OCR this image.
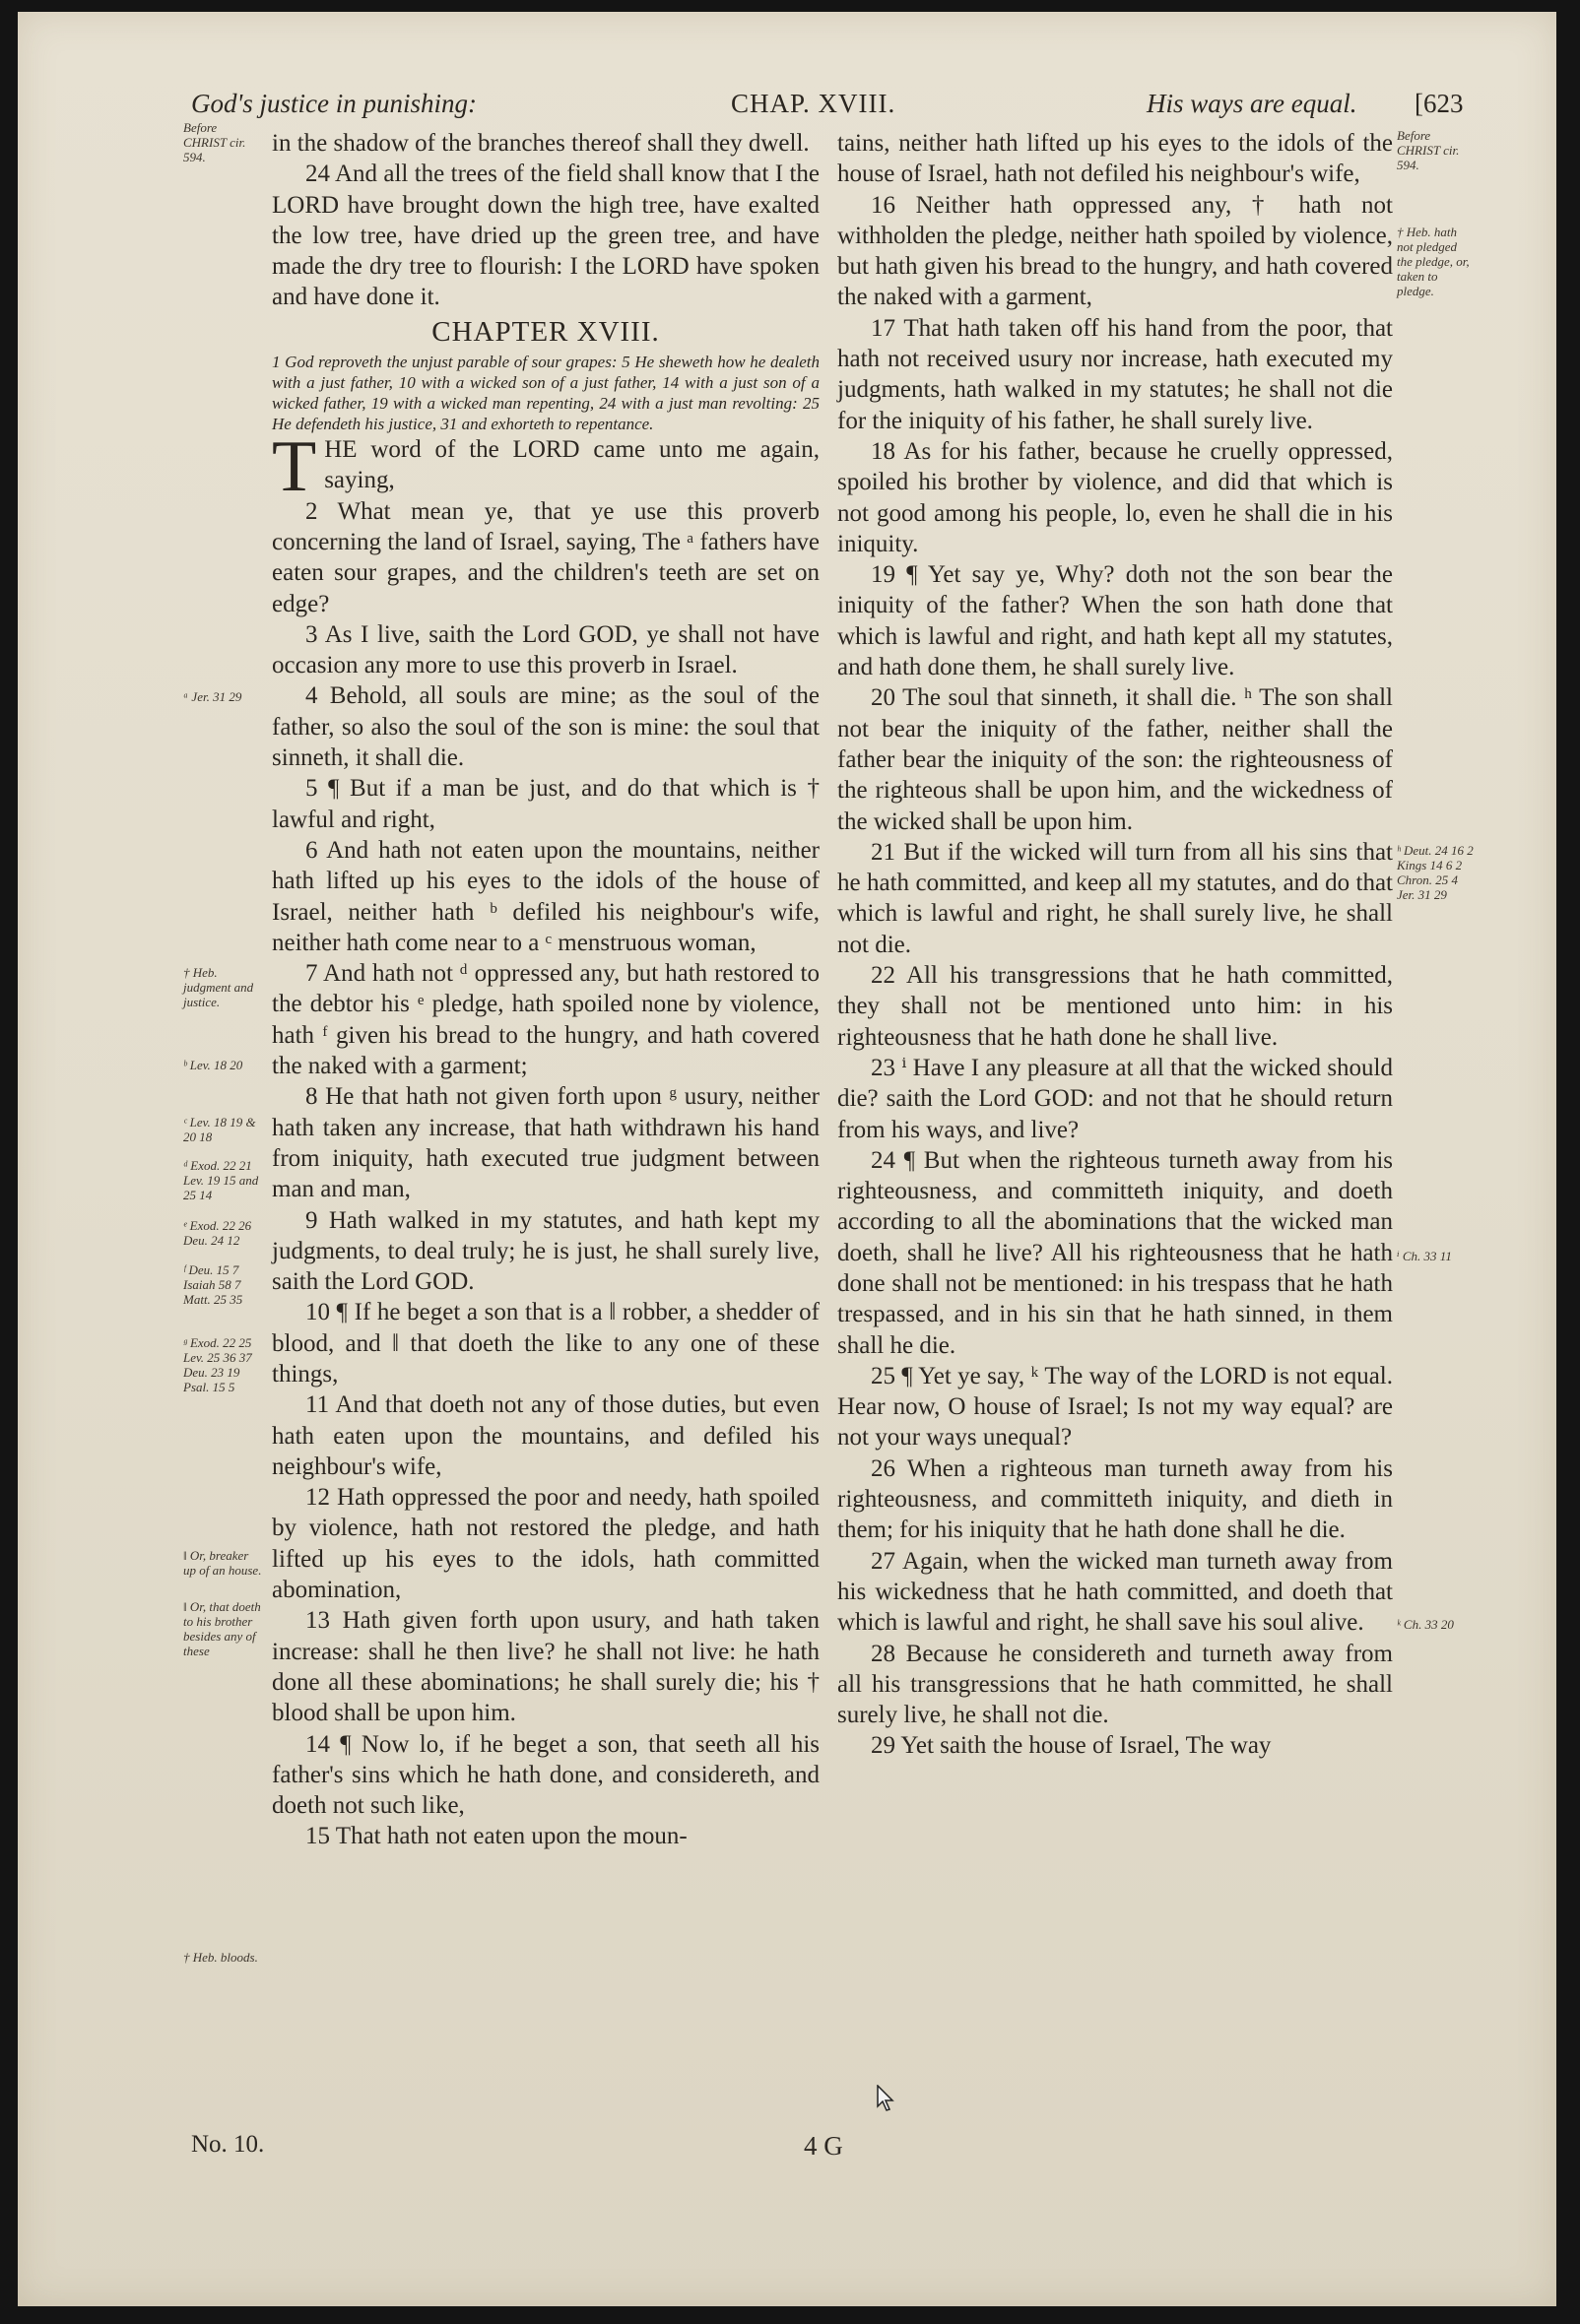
God's justice in punishing:	CHAP. XVIII.	His ways are equal. [623
Before CHRIST cir. 594.
ᵃ Jer. 31 29
† Heb. judgment and justice.
ᵇ Lev. 18 20
ᶜ Lev. 18 19 & 20 18
ᵈ Exod. 22 21 Lev. 19 15 and 25 14
ᵉ Exod. 22 26 Deu. 24 12
ᶠ Deu. 15 7 Isaiah 58 7 Matt. 25 35
ᵍ Exod. 22 25 Lev. 25 36 37 Deu. 23 19 Psal. 15 5
‖ Or, breaker up of an house.
‖ Or, that doeth to his brother besides any of these
† Heb. bloods.
Before CHRIST cir. 594.
† Heb. hath not pledged the pledge, or, taken to pledge.
ʰ Deut. 24 16 2 Kings 14 6 2 Chron. 25 4 Jer. 31 29
ⁱ Ch. 33 11
ᵏ Ch. 33 20

in the shadow of the branches thereof shall they dwell.

24 And all the trees of the field shall know that I the LORD have brought down the high tree, have exalted the low tree, have dried up the green tree, and have made the dry tree to flourish: I the LORD have spoken and have done it.

CHAPTER XVIII.

1 God reproveth the unjust parable of sour grapes: 5 He sheweth how he dealeth with a just father, 10 with a wicked son of a just father, 14 with a just son of a wicked father, 19 with a wicked man repenting, 24 with a just man revolting: 25 He defendeth his justice, 31 and exhorteth to repentance.

T HE word of the LORD came unto me again, saying,

2 What mean ye, that ye use this proverb concerning the land of Israel, saying, The ᵃ fathers have eaten sour grapes, and the children's teeth are set on edge?

3 As I live, saith the Lord GOD, ye shall not have occasion any more to use this proverb in Israel.

4 Behold, all souls are mine; as the soul of the father, so also the soul of the son is mine: the soul that sinneth, it shall die.

5 ¶ But if a man be just, and do that which is † lawful and right,

6 And hath not eaten upon the mountains, neither hath lifted up his eyes to the idols of the house of Israel, neither hath ᵇ defiled his neighbour's wife, neither hath come near to a ᶜ menstruous woman,

7 And hath not ᵈ oppressed any, but hath restored to the debtor his ᵉ pledge, hath spoiled none by violence, hath ᶠ given his bread to the hungry, and hath covered the naked with a garment;

8 He that hath not given forth upon ᵍ usury, neither hath taken any increase, that hath withdrawn his hand from iniquity, hath executed true judgment between man and man,

9 Hath walked in my statutes, and hath kept my judgments, to deal truly; he is just, he shall surely live, saith the Lord GOD.

10 ¶ If he beget a son that is a ‖ robber, a shedder of blood, and ‖ that doeth the like to any one of these things,

11 And that doeth not any of those duties, but even hath eaten upon the mountains, and defiled his neighbour's wife,

12 Hath oppressed the poor and needy, hath spoiled by violence, hath not restored the pledge, and hath lifted up his eyes to the idols, hath committed abomination,

13 Hath given forth upon usury, and hath taken increase: shall he then live? he shall not live: he hath done all these abominations; he shall surely die; his † blood shall be upon him.

14 ¶ Now lo, if he beget a son, that seeth all his father's sins which he hath done, and considereth, and doeth not such like,

15 That hath not eaten upon the moun-

tains, neither hath lifted up his eyes to the idols of the house of Israel, hath not defiled his neighbour's wife,

16 Neither hath oppressed any, † hath not withholden the pledge, neither hath spoiled by violence, but hath given his bread to the hungry, and hath covered the naked with a garment,

17 That hath taken off his hand from the poor, that hath not received usury nor increase, hath executed my judgments, hath walked in my statutes; he shall not die for the iniquity of his father, he shall surely live.

18 As for his father, because he cruelly oppressed, spoiled his brother by violence, and did that which is not good among his people, lo, even he shall die in his iniquity.

19 ¶ Yet say ye, Why? doth not the son bear the iniquity of the father? When the son hath done that which is lawful and right, and hath kept all my statutes, and hath done them, he shall surely live.

20 The soul that sinneth, it shall die. ʰ The son shall not bear the iniquity of the father, neither shall the father bear the iniquity of the son: the righteousness of the righteous shall be upon him, and the wickedness of the wicked shall be upon him.

21 But if the wicked will turn from all his sins that he hath committed, and keep all my statutes, and do that which is lawful and right, he shall surely live, he shall not die.

22 All his transgressions that he hath committed, they shall not be mentioned unto him: in his righteousness that he hath done he shall live.

23 ⁱ Have I any pleasure at all that the wicked should die? saith the Lord GOD: and not that he should return from his ways, and live?

24 ¶ But when the righteous turneth away from his righteousness, and committeth iniquity, and doeth according to all the abominations that the wicked man doeth, shall he live? All his righteousness that he hath done shall not be mentioned: in his trespass that he hath trespassed, and in his sin that he hath sinned, in them shall he die.

25 ¶ Yet ye say, ᵏ The way of the LORD is not equal. Hear now, O house of Israel; Is not my way equal? are not your ways unequal?

26 When a righteous man turneth away from his righteousness, and committeth iniquity, and dieth in them; for his iniquity that he hath done shall he die.

27 Again, when the wicked man turneth away from his wickedness that he hath committed, and doeth that which is lawful and right, he shall save his soul alive.

28 Because he considereth and turneth away from all his transgressions that he hath committed, he shall surely live, he shall not die.

29 Yet saith the house of Israel, The way

No. 10.	4 G
